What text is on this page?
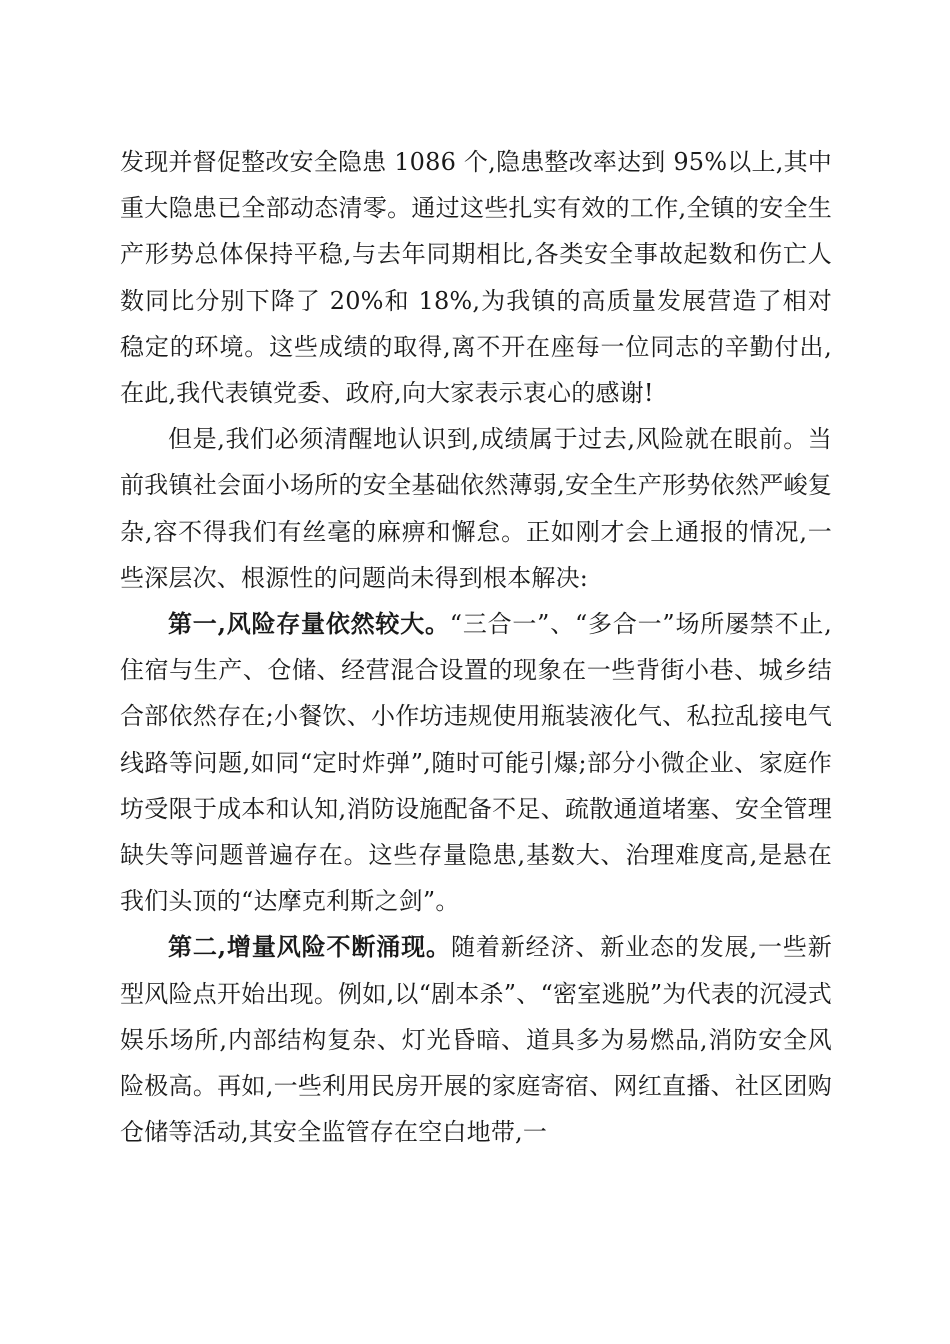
发现并督促整改安全隐患 1086 个,隐患整改率达到 95%以上,其中重大隐患已全部动态清零。通过这些扎实有效的工作,全镇的安全生产形势总体保持平稳,与去年同期相比,各类安全事故起数和伤亡人数同比分别下降了 20%和 18%,为我镇的高质量发展营造了相对稳定的环境。这些成绩的取得,离不开在座每一位同志的辛勤付出,在此,我代表镇党委、政府,向大家表示衷心的感谢!

但是,我们必须清醒地认识到,成绩属于过去,风险就在眼前。当前我镇社会面小场所的安全基础依然薄弱,安全生产形势依然严峻复杂,容不得我们有丝毫的麻痹和懈怠。正如刚才会上通报的情况,一些深层次、根源性的问题尚未得到根本解决:

第一,风险存量依然较大。“三合一”、“多合一”场所屡禁不止,住宿与生产、仓储、经营混合设置的现象在一些背街小巷、城乡结合部依然存在;小餐饮、小作坊违规使用瓶装液化气、私拉乱接电气线路等问题,如同“定时炸弹”,随时可能引爆;部分小微企业、家庭作坊受限于成本和认知,消防设施配备不足、疏散通道堵塞、安全管理缺失等问题普遍存在。这些存量隐患,基数大、治理难度高,是悬在我们头顶的“达摩克利斯之剑”。

第二,增量风险不断涌现。随着新经济、新业态的发展,一些新型风险点开始出现。例如,以“剧本杀”、“密室逃脱”为代表的沉浸式娱乐场所,内部结构复杂、灯光昏暗、道具多为易燃品,消防安全风险极高。再如,一些利用民房开展的家庭寄宿、网红直播、社区团购仓储等活动,其安全监管存在空白地带,一
